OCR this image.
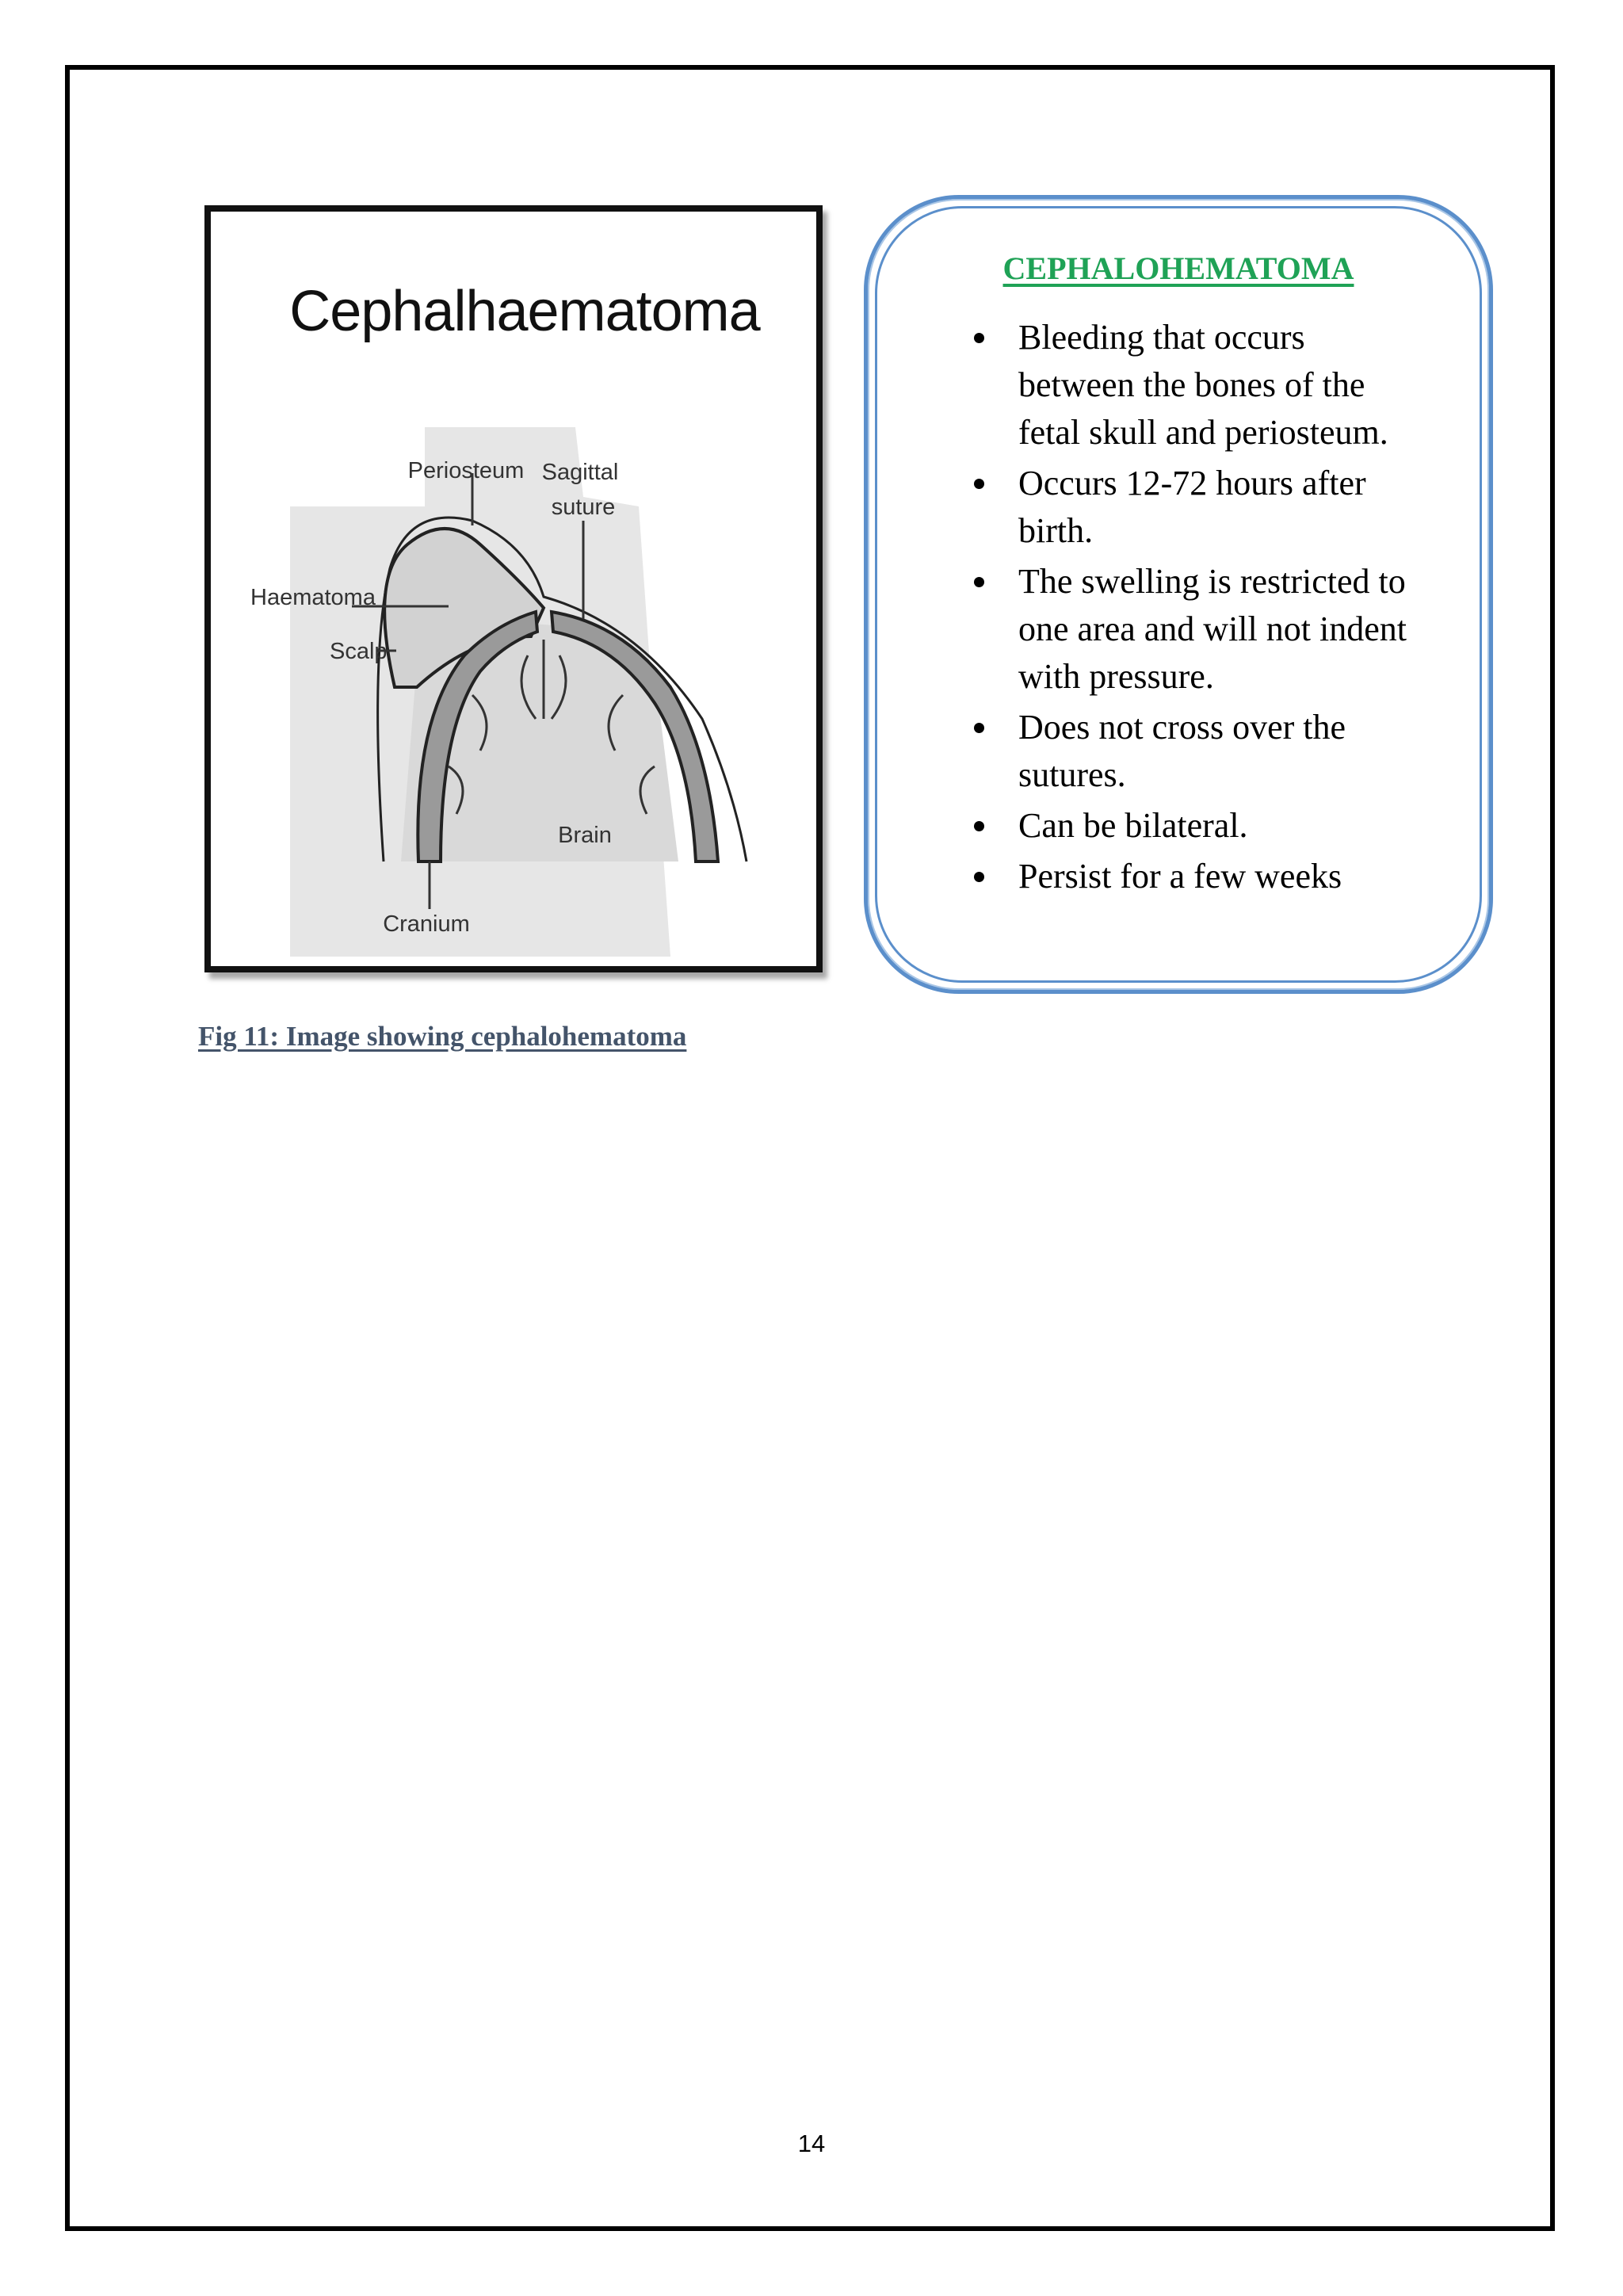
Cephalhaematoma
Periosteum Sagittal
suture
Haematoma
Scalp
Brain
Cranium
CEPHALOHEMATOMA
Bleeding that occurs between the bones of the fetal skull and periosteum.
Occurs 12-72 hours after birth.
The swelling is restricted to one area and will not indent with pressure.
Does not cross over the sutures.
Can be bilateral.
Persist for a few weeks
Fig 11: Image showing cephalohematoma
14
